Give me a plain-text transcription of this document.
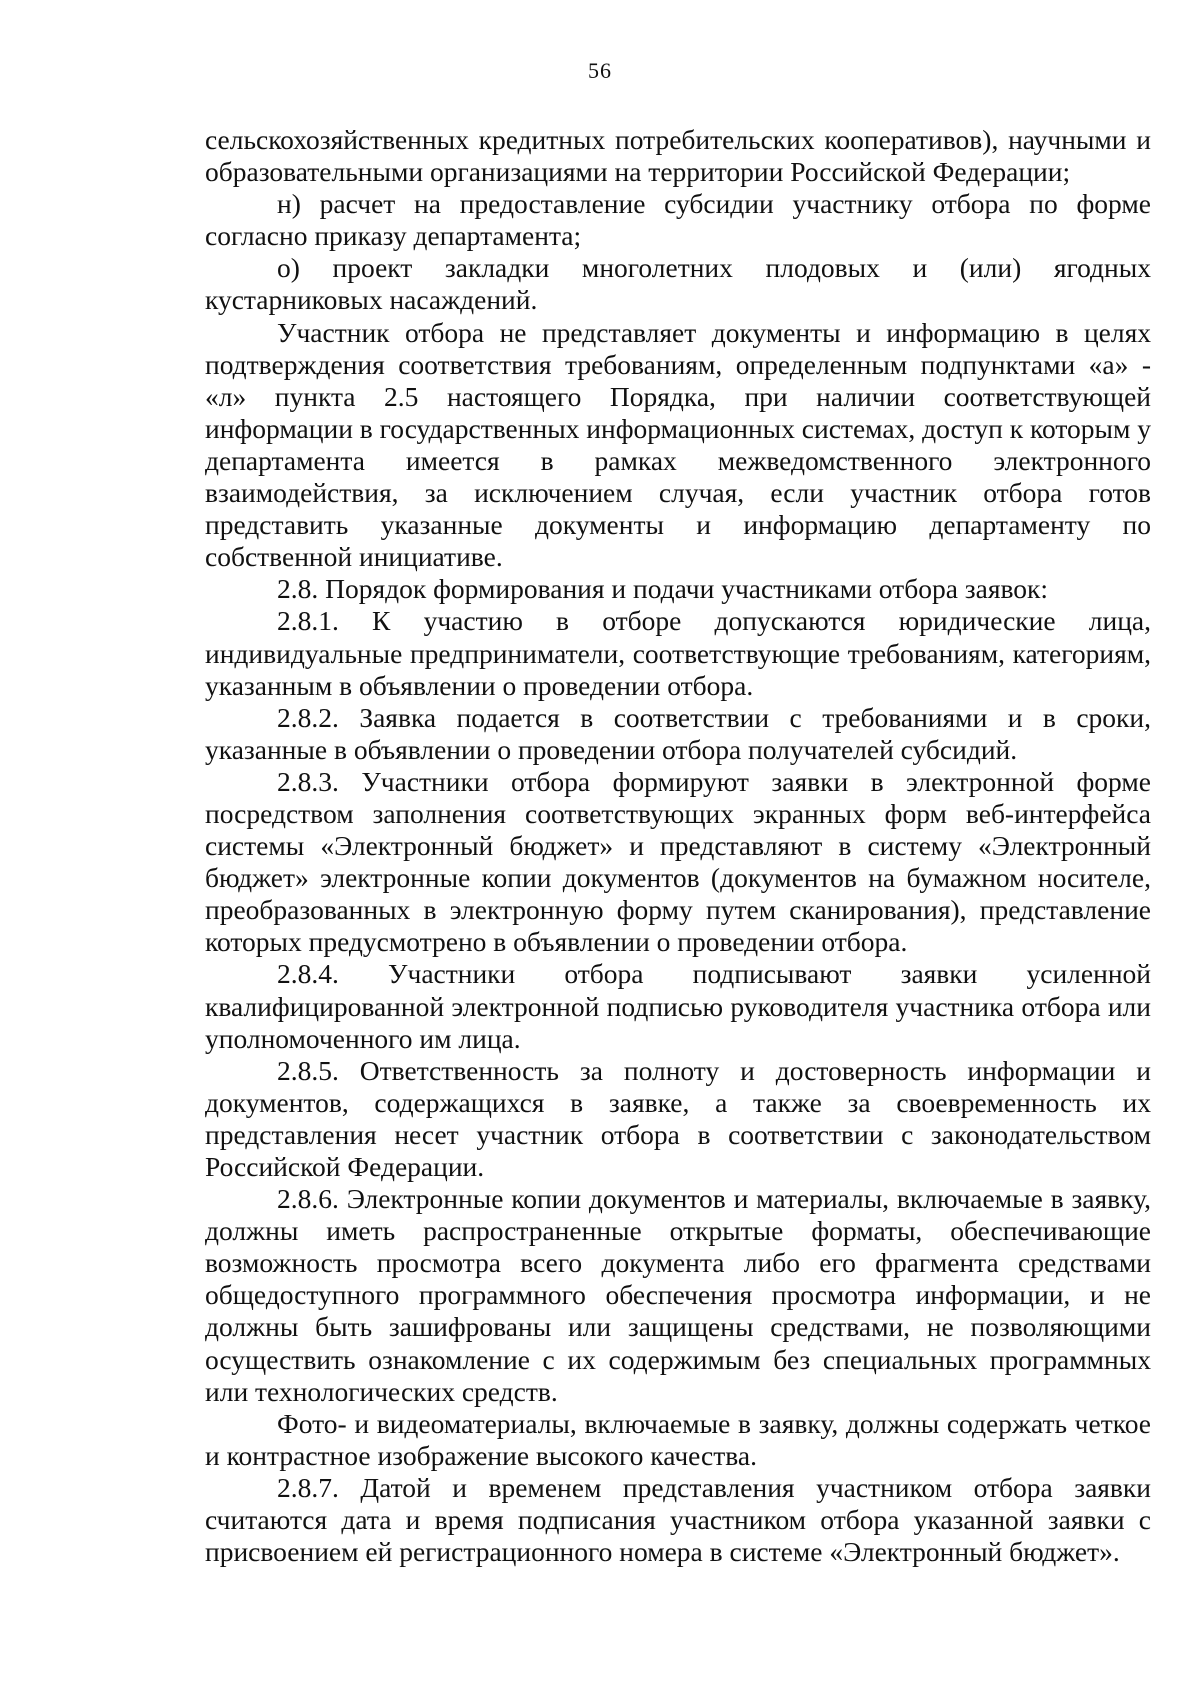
56

сельскохозяйственных кредитных потребительских кооперативов), научными и образовательными организациями на территории Российской Федерации;

н) расчет на предоставление субсидии участнику отбора по форме согласно приказу департамента;

о) проект закладки многолетних плодовых и (или) ягодных кустарниковых насаждений.

Участник отбора не представляет документы и информацию в целях подтверждения соответствия требованиям, определенным подпунктами «а» - «л» пункта 2.5 настоящего Порядка, при наличии соответствующей информации в государственных информационных системах, доступ к которым у департамента имеется в рамках межведомственного электронного взаимодействия, за исключением случая, если участник отбора готов представить указанные документы и информацию департаменту по собственной инициативе.

2.8. Порядок формирования и подачи участниками отбора заявок:

2.8.1. К участию в отборе допускаются юридические лица, индивидуальные предприниматели, соответствующие требованиям, категориям, указанным в объявлении о проведении отбора.

2.8.2. Заявка подается в соответствии с требованиями и в сроки, указанные в объявлении о проведении отбора получателей субсидий.

2.8.3. Участники отбора формируют заявки в электронной форме посредством заполнения соответствующих экранных форм веб-интерфейса системы «Электронный бюджет» и представляют в систему «Электронный бюджет» электронные копии документов (документов на бумажном носителе, преобразованных в электронную форму путем сканирования), представление которых предусмотрено в объявлении о проведении отбора.

2.8.4. Участники отбора подписывают заявки усиленной квалифицированной электронной подписью руководителя участника отбора или уполномоченного им лица.

2.8.5. Ответственность за полноту и достоверность информации и документов, содержащихся в заявке, а также за своевременность их представления несет участник отбора в соответствии с законодательством Российской Федерации.

2.8.6. Электронные копии документов и материалы, включаемые в заявку, должны иметь распространенные открытые форматы, обеспечивающие возможность просмотра всего документа либо его фрагмента средствами общедоступного программного обеспечения просмотра информации, и не должны быть зашифрованы или защищены средствами, не позволяющими осуществить ознакомление с их содержимым без специальных программных или технологических средств.

Фото- и видеоматериалы, включаемые в заявку, должны содержать четкое и контрастное изображение высокого качества.

2.8.7. Датой и временем представления участником отбора заявки считаются дата и время подписания участником отбора указанной заявки с присвоением ей регистрационного номера в системе «Электронный бюджет».
